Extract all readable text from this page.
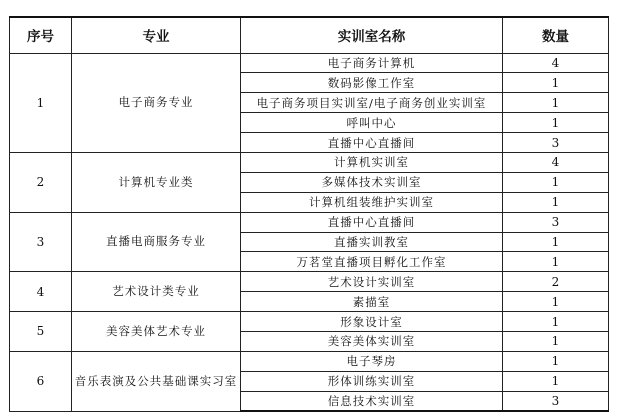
序号	专业	实训室名称	数量
1	电子商务专业	电子商务计算机	4
		数码影像工作室	1
		电子商务项目实训室/电子商务创业实训室	1
		呼叫中心	1
		直播中心直播间	3
2	计算机专业类	计算机实训室	4
		多媒体技术实训室	1
		计算机组装维护实训室	1
3	直播电商服务专业	直播中心直播间	3
		直播实训教室	1
		万茗堂直播项目孵化工作室	1
4	艺术设计类专业	艺术设计实训室	2
		素描室	1
5	美容美体艺术专业	形象设计室	1
		美容美体实训室	1
6	音乐表演及公共基础课实习室	电子琴房	1
		形体训练实训室	1
		信息技术实训室	3
